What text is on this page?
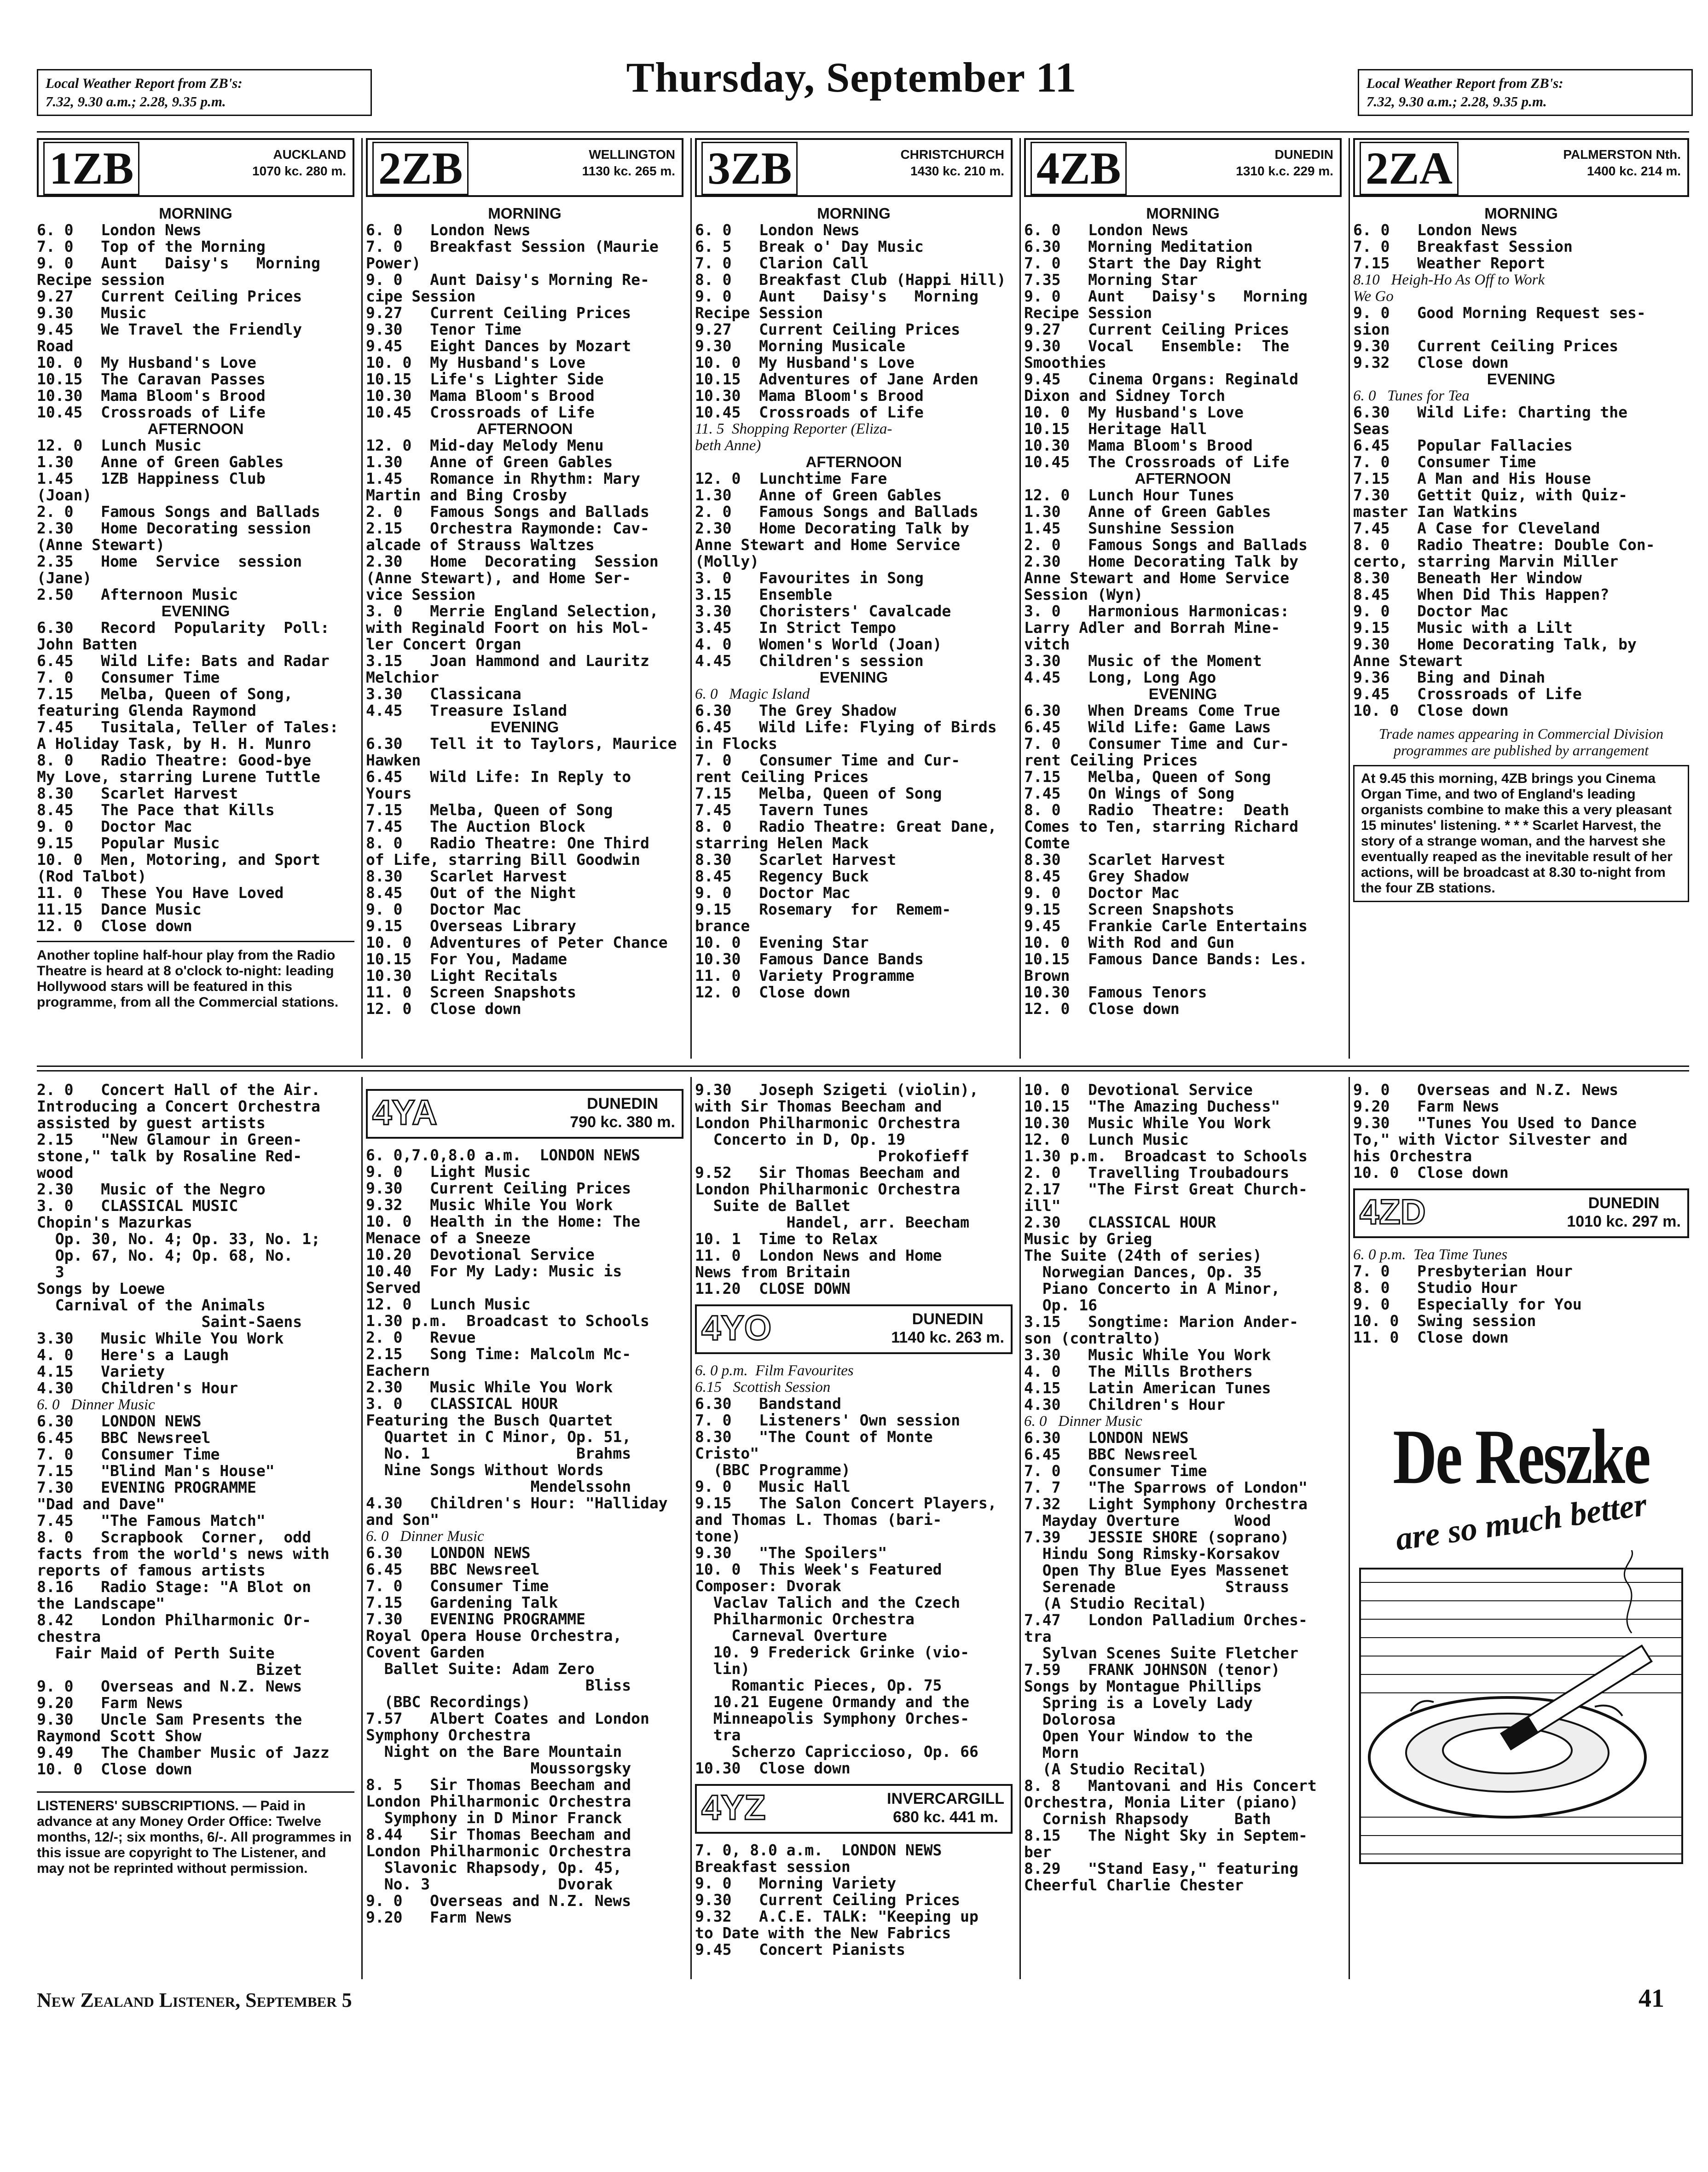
Local Weather Report from ZB's:
7.32, 9.30 a.m.; 2.28, 9.35 p.m.
Thursday, September 11	Local Weather Report from ZB's:
7.32, 9.30 a.m.; 2.28, 9.35 p.m.
1ZB	AUCKLAND
1070 kc. 280 m.
MORNING
6. 0   London News
7. 0   Top of the Morning
9. 0   Aunt   Daisy's   Morning
Recipe session
9.27   Current Ceiling Prices
9.30   Music
9.45   We Travel the Friendly
Road
10. 0  My Husband's Love
10.15  The Caravan Passes
10.30  Mama Bloom's Brood
10.45  Crossroads of Life
AFTERNOON
12. 0  Lunch Music
1.30   Anne of Green Gables
1.45   1ZB Happiness Club
(Joan)
2. 0   Famous Songs and Ballads
2.30   Home Decorating session
(Anne Stewart)
2.35   Home  Service  session
(Jane)
2.50   Afternoon Music
EVENING
6.30   Record  Popularity  Poll:
John Batten
6.45   Wild Life: Bats and Radar
7. 0   Consumer Time
7.15   Melba, Queen of Song,
featuring Glenda Raymond
7.45   Tusitala, Teller of Tales:
A Holiday Task, by H. H. Munro
8. 0   Radio Theatre: Good-bye
My Love, starring Lurene Tuttle
8.30   Scarlet Harvest
8.45   The Pace that Kills
9. 0   Doctor Mac
9.15   Popular Music
10. 0  Men, Motoring, and Sport
(Rod Talbot)
11. 0  These You Have Loved
11.15  Dance Music
12. 0  Close down
Another topline half-hour play from the Radio Theatre is heard at 8 o'clock to-night: leading Hollywood stars will be featured in this programme, from all the Commercial stations.
2ZB	WELLINGTON
1130 kc. 265 m.
MORNING
6. 0   London News
7. 0   Breakfast Session (Maurie
Power)
9. 0   Aunt Daisy's Morning Re-
cipe Session
9.27   Current Ceiling Prices
9.30   Tenor Time
9.45   Eight Dances by Mozart
10. 0  My Husband's Love
10.15  Life's Lighter Side
10.30  Mama Bloom's Brood
10.45  Crossroads of Life
AFTERNOON
12. 0  Mid-day Melody Menu
1.30   Anne of Green Gables
1.45   Romance in Rhythm: Mary
Martin and Bing Crosby
2. 0   Famous Songs and Ballads
2.15   Orchestra Raymonde: Cav-
alcade of Strauss Waltzes
2.30   Home  Decorating  Session
(Anne Stewart), and Home Ser-
vice Session
3. 0   Merrie England Selection,
with Reginald Foort on his Mol-
ler Concert Organ
3.15   Joan Hammond and Lauritz
Melchior
3.30   Classicana
4.45   Treasure Island
EVENING
6.30   Tell it to Taylors, Maurice
Hawken
6.45   Wild Life: In Reply to
Yours
7.15   Melba, Queen of Song
7.45   The Auction Block
8. 0   Radio Theatre: One Third
of Life, starring Bill Goodwin
8.30   Scarlet Harvest
8.45   Out of the Night
9. 0   Doctor Mac
9.15   Overseas Library
10. 0  Adventures of Peter Chance
10.15  For You, Madame
10.30  Light Recitals
11. 0  Screen Snapshots
12. 0  Close down
3ZB	CHRISTCHURCH
1430 kc. 210 m.
MORNING
6. 0   London News
6. 5   Break o' Day Music
7. 0   Clarion Call
8. 0   Breakfast Club (Happi Hill)
9. 0   Aunt   Daisy's   Morning
Recipe Session
9.27   Current Ceiling Prices
9.30   Morning Musicale
10. 0  My Husband's Love
10.15  Adventures of Jane Arden
10.30  Mama Bloom's Brood
10.45  Crossroads of Life
11. 5  Shopping Reporter (Eliza-
beth Anne)
AFTERNOON
12. 0  Lunchtime Fare
1.30   Anne of Green Gables
2. 0   Famous Songs and Ballads
2.30   Home Decorating Talk by
Anne Stewart and Home Service
(Molly)
3. 0   Favourites in Song
3.15   Ensemble
3.30   Choristers' Cavalcade
3.45   In Strict Tempo
4. 0   Women's World (Joan)
4.45   Children's session
EVENING
6. 0   Magic Island
6.30   The Grey Shadow
6.45   Wild Life: Flying of Birds
in Flocks
7. 0   Consumer Time and Cur-
rent Ceiling Prices
7.15   Melba, Queen of Song
7.45   Tavern Tunes
8. 0   Radio Theatre: Great Dane,
starring Helen Mack
8.30   Scarlet Harvest
8.45   Regency Buck
9. 0   Doctor Mac
9.15   Rosemary  for  Remem-
brance
10. 0  Evening Star
10.30  Famous Dance Bands
11. 0  Variety Programme
12. 0  Close down
4ZB	DUNEDIN
1310 k.c. 229 m.
MORNING
6. 0   London News
6.30   Morning Meditation
7. 0   Start the Day Right
7.35   Morning Star
9. 0   Aunt   Daisy's   Morning
Recipe Session
9.27   Current Ceiling Prices
9.30   Vocal   Ensemble:  The
Smoothies
9.45   Cinema Organs: Reginald
Dixon and Sidney Torch
10. 0  My Husband's Love
10.15  Heritage Hall
10.30  Mama Bloom's Brood
10.45  The Crossroads of Life
AFTERNOON
12. 0  Lunch Hour Tunes
1.30   Anne of Green Gables
1.45   Sunshine Session
2. 0   Famous Songs and Ballads
2.30   Home Decorating Talk by
Anne Stewart and Home Service
Session (Wyn)
3. 0   Harmonious Harmonicas:
Larry Adler and Borrah Mine-
vitch
3.30   Music of the Moment
4.45   Long, Long Ago
EVENING
6.30   When Dreams Come True
6.45   Wild Life: Game Laws
7. 0   Consumer Time and Cur-
rent Ceiling Prices
7.15   Melba, Queen of Song
7.45   On Wings of Song
8. 0   Radio  Theatre:  Death
Comes to Ten, starring Richard
Comte
8.30   Scarlet Harvest
8.45   Grey Shadow
9. 0   Doctor Mac
9.15   Screen Snapshots
9.45   Frankie Carle Entertains
10. 0  With Rod and Gun
10.15  Famous Dance Bands: Les.
Brown
10.30  Famous Tenors
12. 0  Close down
2ZA	PALMERSTON Nth.
1400 kc. 214 m.
MORNING
6. 0   London News
7. 0   Breakfast Session
7.15   Weather Report
8.10   Heigh-Ho As Off to Work
We Go
9. 0   Good Morning Request ses-
sion
9.30   Current Ceiling Prices
9.32   Close down
EVENING
6. 0   Tunes for Tea
6.30   Wild Life: Charting the
Seas
6.45   Popular Fallacies
7. 0   Consumer Time
7.15   A Man and His House
7.30   Gettit Quiz, with Quiz-
master Ian Watkins
7.45   A Case for Cleveland
8. 0   Radio Theatre: Double Con-
certo, starring Marvin Miller
8.30   Beneath Her Window
8.45   When Did This Happen?
9. 0   Doctor Mac
9.15   Music with a Lilt
9.30   Home Decorating Talk, by
Anne Stewart
9.36   Bing and Dinah
9.45   Crossroads of Life
10. 0  Close down
Trade names appearing in Commercial Division programmes are published by arrangement
At 9.45 this morning, 4ZB brings you Cinema Organ Time, and two of England's leading organists combine to make this a very pleasant 15 minutes' listening. * * * Scarlet Harvest, the story of a strange woman, and the harvest she eventually reaped as the inevitable result of her actions, will be broadcast at 8.30 to-night from the four ZB stations.
2. 0   Concert Hall of the Air.
Introducing a Concert Orchestra
assisted by guest artists
2.15   "New Glamour in Green-
stone," talk by Rosaline Red-
wood
2.30   Music of the Negro
3. 0   CLASSICAL MUSIC
Chopin's Mazurkas
Op. 30, No. 4; Op. 33, No. 1;
Op. 67, No. 4; Op. 68, No.
3
Songs by Loewe
Carnival of the Animals
Saint-Saens
3.30   Music While You Work
4. 0   Here's a Laugh
4.15   Variety
4.30   Children's Hour
6. 0   Dinner Music
6.30   LONDON NEWS
6.45   BBC Newsreel
7. 0   Consumer Time
7.15   "Blind Man's House"
7.30   EVENING PROGRAMME
"Dad and Dave"
7.45   "The Famous Match"
8. 0   Scrapbook  Corner,  odd
facts from the world's news with
reports of famous artists
8.16   Radio Stage: "A Blot on
the Landscape"
8.42   London Philharmonic Or-
chestra
Fair Maid of Perth Suite
Bizet
9. 0   Overseas and N.Z. News
9.20   Farm News
9.30   Uncle Sam Presents the
Raymond Scott Show
9.49   The Chamber Music of Jazz
10. 0  Close down
LISTENERS' SUBSCRIPTIONS. — Paid in advance at any Money Order Office: Twelve months, 12/-; six months, 6/-. All programmes in this issue are copyright to The Listener, and may not be reprinted without permission.
4YA	DUNEDIN
790 kc. 380 m.
6. 0,7.0,8.0 a.m.  LONDON NEWS
9. 0   Light Music
9.30   Current Ceiling Prices
9.32   Music While You Work
10. 0  Health in the Home: The
Menace of a Sneeze
10.20  Devotional Service
10.40  For My Lady: Music is
Served
12. 0  Lunch Music
1.30 p.m.  Broadcast to Schools
2. 0   Revue
2.15   Song Time: Malcolm Mc-
Eachern
2.30   Music While You Work
3. 0   CLASSICAL HOUR
Featuring the Busch Quartet
Quartet in C Minor, Op. 51,
No. 1                Brahms
Nine Songs Without Words
Mendelssohn
4.30   Children's Hour: "Halliday
and Son"
6. 0   Dinner Music
6.30   LONDON NEWS
6.45   BBC Newsreel
7. 0   Consumer Time
7.15   Gardening Talk
7.30   EVENING PROGRAMME
Royal Opera House Orchestra,
Covent Garden
Ballet Suite: Adam Zero
Bliss
(BBC Recordings)
7.57   Albert Coates and London
Symphony Orchestra
Night on the Bare Mountain
Moussorgsky
8. 5   Sir Thomas Beecham and
London Philharmonic Orchestra
Symphony in D Minor Franck
8.44   Sir Thomas Beecham and
London Philharmonic Orchestra
Slavonic Rhapsody, Op. 45,
No. 3              Dvorak
9. 0   Overseas and N.Z. News
9.20   Farm News
9.30   Joseph Szigeti (violin),
with Sir Thomas Beecham and
London Philharmonic Orchestra
Concerto in D, Op. 19
Prokofieff
9.52   Sir Thomas Beecham and
London Philharmonic Orchestra
Suite de Ballet
Handel, arr. Beecham
10. 1  Time to Relax
11. 0  London News and Home
News from Britain
11.20  CLOSE DOWN
4YO	DUNEDIN
1140 kc. 263 m.
6. 0 p.m.  Film Favourites
6.15   Scottish Session
6.30   Bandstand
7. 0   Listeners' Own session
8.30   "The Count of Monte
Cristo"
(BBC Programme)
9. 0   Music Hall
9.15   The Salon Concert Players,
and Thomas L. Thomas (bari-
tone)
9.30   "The Spoilers"
10. 0  This Week's Featured
Composer: Dvorak
Vaclav Talich and the Czech
Philharmonic Orchestra
Carneval Overture
10. 9 Frederick Grinke (vio-
lin)
Romantic Pieces, Op. 75
10.21 Eugene Ormandy and the
Minneapolis Symphony Orches-
tra
Scherzo Capriccioso, Op. 66
10.30  Close down
4YZ	INVERCARGILL
680 kc. 441 m.
7. 0, 8.0 a.m.  LONDON NEWS
Breakfast session
9. 0   Morning Variety
9.30   Current Ceiling Prices
9.32   A.C.E. TALK: "Keeping up
to Date with the New Fabrics
9.45   Concert Pianists
10. 0  Devotional Service
10.15  "The Amazing Duchess"
10.30  Music While You Work
12. 0  Lunch Music
1.30 p.m.  Broadcast to Schools
2. 0   Travelling Troubadours
2.17   "The First Great Church-
ill"
2.30   CLASSICAL HOUR
Music by Grieg
The Suite (24th of series)
Norwegian Dances, Op. 35
Piano Concerto in A Minor,
Op. 16
3.15   Songtime: Marion Ander-
son (contralto)
3.30   Music While You Work
4. 0   The Mills Brothers
4.15   Latin American Tunes
4.30   Children's Hour
6. 0   Dinner Music
6.30   LONDON NEWS
6.45   BBC Newsreel
7. 0   Consumer Time
7. 7   "The Sparrows of London"
7.32   Light Symphony Orchestra
Mayday Overture      Wood
7.39   JESSIE SHORE (soprano)
Hindu Song Rimsky-Korsakov
Open Thy Blue Eyes Massenet
Serenade            Strauss
(A Studio Recital)
7.47   London Palladium Orches-
tra
Sylvan Scenes Suite Fletcher
7.59   FRANK JOHNSON (tenor)
Songs by Montague Phillips
Spring is a Lovely Lady
Dolorosa
Open Your Window to the
Morn
(A Studio Recital)
8. 8   Mantovani and His Concert
Orchestra, Monia Liter (piano)
Cornish Rhapsody     Bath
8.15   The Night Sky in Septem-
ber
8.29   "Stand Easy," featuring
Cheerful Charlie Chester
9. 0   Overseas and N.Z. News
9.20   Farm News
9.30   "Tunes You Used to Dance
To," with Victor Silvester and
his Orchestra
10. 0  Close down
4ZD	DUNEDIN
1010 kc. 297 m.
6. 0 p.m.  Tea Time Tunes
7. 0   Presbyterian Hour
8. 0   Studio Hour
9. 0   Especially for You
10. 0  Swing session
11. 0  Close down
De Reszke
are so much better
New Zealand Listener, September 5	41
